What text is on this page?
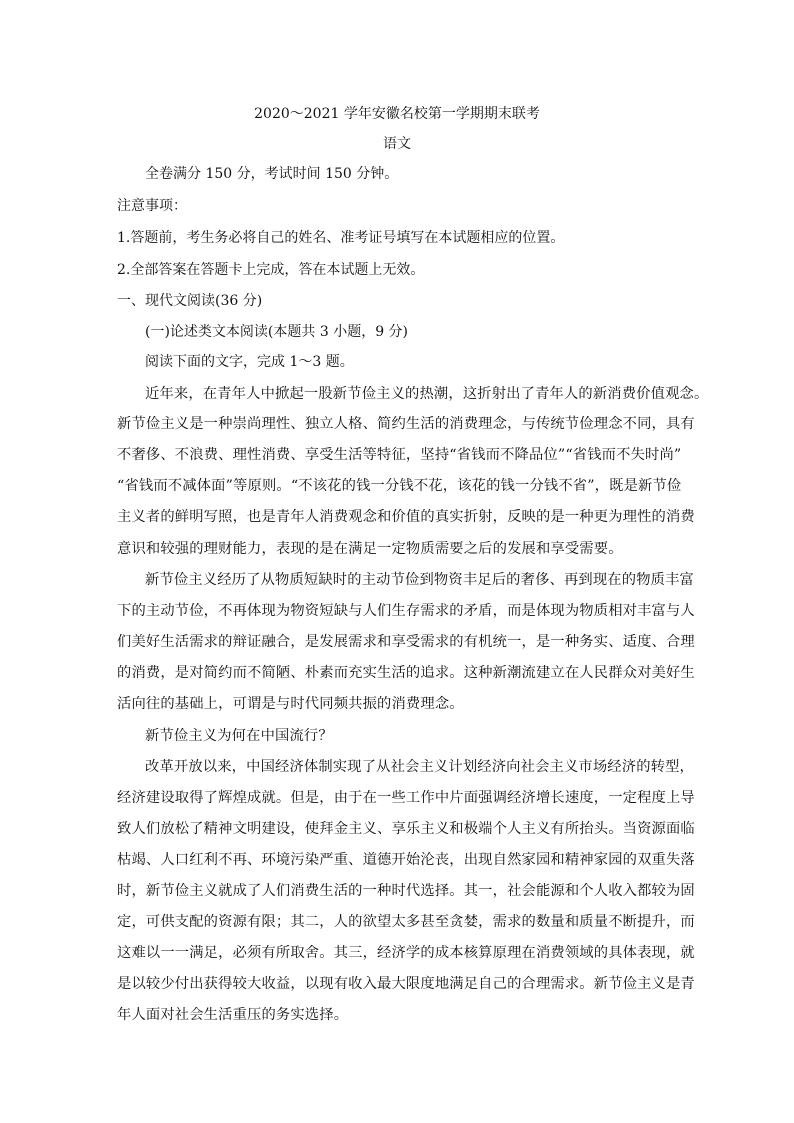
2020～2021 学年安徽名校第一学期期末联考
语文
全卷满分 150 分，考试时间 150 分钟。
注意事项：
1.答题前，考生务必将自己的姓名、准考证号填写在本试题相应的位置。
2.全部答案在答题卡上完成，答在本试题上无效。
一、现代文阅读(36 分)
(一)论述类文本阅读(本题共 3 小题，9 分)
阅读下面的文字，完成 1～3 题。
近年来，在青年人中掀起一股新节俭主义的热潮，这折射出了青年人的新消费价值观念。
新节俭主义是一种崇尚理性、独立人格、简约生活的消费理念，与传统节俭理念不同，具有
不奢侈、不浪费、理性消费、享受生活等特征，坚持“省钱而不降品位”“省钱而不失时尚”
“省钱而不减体面”等原则。“不该花的钱一分钱不花，该花的钱一分钱不省”，既是新节俭
主义者的鲜明写照，也是青年人消费观念和价值的真实折射，反映的是一种更为理性的消费
意识和较强的理财能力，表现的是在满足一定物质需要之后的发展和享受需要。
新节俭主义经历了从物质短缺时的主动节俭到物资丰足后的奢侈、再到现在的物质丰富
下的主动节俭，不再体现为物资短缺与人们生存需求的矛盾，而是体现为物质相对丰富与人
们美好生活需求的辩证融合，是发展需求和享受需求的有机统一，是一种务实、适度、合理
的消费，是对简约而不简陋、朴素而充实生活的追求。这种新潮流建立在人民群众对美好生
活向往的基础上，可谓是与时代同频共振的消费理念。
新节俭主义为何在中国流行？
改革开放以来，中国经济体制实现了从社会主义计划经济向社会主义市场经济的转型，
经济建设取得了辉煌成就。但是，由于在一些工作中片面强调经济增长速度，一定程度上导
致人们放松了精神文明建设，使拜金主义、享乐主义和极端个人主义有所抬头。当资源面临
枯竭、人口红利不再、环境污染严重、道德开始沦丧，出现自然家园和精神家园的双重失落
时，新节俭主义就成了人们消费生活的一种时代选择。其一，社会能源和个人收入都较为固
定，可供支配的资源有限；其二，人的欲望太多甚至贪婪，需求的数量和质量不断提升，而
这难以一一满足，必须有所取舍。其三，经济学的成本核算原理在消费领域的具体表现，就
是以较少付出获得较大收益，以现有收入最大限度地满足自己的合理需求。新节俭主义是青
年人面对社会生活重压的务实选择。
